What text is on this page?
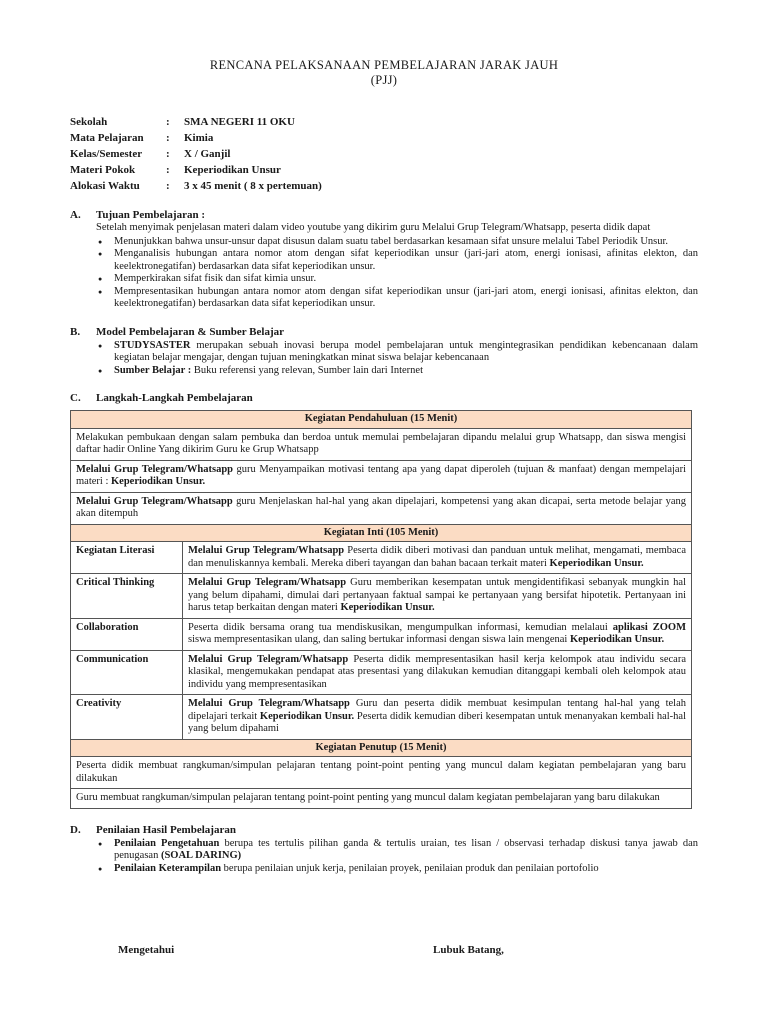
RENCANA PELAKSANAAN PEMBELAJARAN JARAK JAUH
(PJJ)
Sekolah	:	SMA NEGERI 11 OKU
Mata Pelajaran	:	Kimia
Kelas/Semester	:	X / Ganjil
Materi Pokok	:	Keperiodikan Unsur
Alokasi Waktu	:	3 x 45 menit ( 8 x pertemuan)
A.	Tujuan Pembelajaran :
Setelah menyimak penjelasan materi dalam video youtube yang dikirim guru Melalui Grup Telegram/Whatsapp, peserta didik dapat
● Menunjukkan bahwa unsur-unsur dapat disusun dalam suatu tabel berdasarkan kesamaan sifat unsure melalui Tabel Periodik Unsur.
● Menganalisis hubungan antara nomor atom dengan sifat keperiodikan unsur (jari-jari atom, energi ionisasi, afinitas elekton, dan keelektronegatifan) berdasarkan data sifat keperiodikan unsur.
● Memperkirakan sifat fisik dan sifat kimia unsur.
● Mempresentasikan hubungan antara nomor atom dengan sifat keperiodikan unsur (jari-jari atom, energi ionisasi, afinitas elekton, dan keelektronegatifan) berdasarkan data sifat keperiodikan unsur.
B.	Model Pembelajaran & Sumber Belajar
● STUDYSASTER merupakan sebuah inovasi berupa model pembelajaran untuk mengintegrasikan pendidikan kebencanaan dalam kegiatan belajar mengajar, dengan tujuan meningkatkan minat siswa belajar kebencanaan
● Sumber Belajar : Buku referensi yang relevan, Sumber lain dari Internet
C.	Langkah-Langkah Pembelajaran
Kegiatan Pendahuluan (15 Menit)	
Melakukan pembukaan dengan salam pembuka dan berdoa untuk memulai pembelajaran dipandu melalui grup Whatsapp, dan siswa mengisi daftar hadir Online Yang dikirim Guru ke Grup Whatsapp	
Melalui Grup Telegram/Whatsapp guru Menyampaikan motivasi tentang apa yang dapat diperoleh (tujuan & manfaat) dengan mempelajari materi : Keperiodikan Unsur.	
Melalui Grup Telegram/Whatsapp guru Menjelaskan hal-hal yang akan dipelajari, kompetensi yang akan dicapai, serta metode belajar yang akan ditempuh	
Kegiatan Inti (105 Menit)	
Kegiatan Literasi	Melalui Grup Telegram/Whatsapp Peserta didik diberi motivasi dan panduan untuk melihat, mengamati, membaca dan menuliskannya kembali. Mereka diberi tayangan dan bahan bacaan terkait materi Keperiodikan Unsur.
Critical Thinking	Melalui Grup Telegram/Whatsapp Guru memberikan kesempatan untuk mengidentifikasi sebanyak mungkin hal yang belum dipahami, dimulai dari pertanyaan faktual sampai ke pertanyaan yang bersifat hipotetik. Pertanyaan ini harus tetap berkaitan dengan materi Keperiodikan Unsur.
Collaboration	Peserta didik bersama orang tua mendiskusikan, mengumpulkan informasi, kemudian melalaui aplikasi ZOOM siswa mempresentasikan ulang, dan saling bertukar informasi dengan siswa lain mengenai Keperiodikan Unsur.
Communication	Melalui Grup Telegram/Whatsapp Peserta didik mempresentasikan hasil kerja kelompok atau individu secara klasikal, mengemukakan pendapat atas presentasi yang dilakukan kemudian ditanggapi kembali oleh kelompok atau individu yang mempresentasikan
Creativity	Melalui Grup Telegram/Whatsapp Guru dan peserta didik membuat kesimpulan tentang hal-hal yang telah dipelajari terkait Keperiodikan Unsur. Peserta didik kemudian diberi kesempatan untuk menanyakan kembali hal-hal yang belum dipahami
Kegiatan Penutup (15 Menit)	
Peserta didik membuat rangkuman/simpulan pelajaran tentang point-point penting yang muncul dalam kegiatan pembelajaran yang baru dilakukan	
Guru membuat rangkuman/simpulan pelajaran tentang point-point penting yang muncul dalam kegiatan pembelajaran yang baru dilakukan	
D.	Penilaian Hasil Pembelajaran
● Penilaian Pengetahuan berupa tes tertulis pilihan ganda & tertulis uraian, tes lisan / observasi terhadap diskusi tanya jawab dan penugasan (SOAL DARING)
● Penilaian Keterampilan berupa penilaian unjuk kerja, penilaian proyek, penilaian produk dan penilaian portofolio
Mengetahui	Lubuk Batang,
